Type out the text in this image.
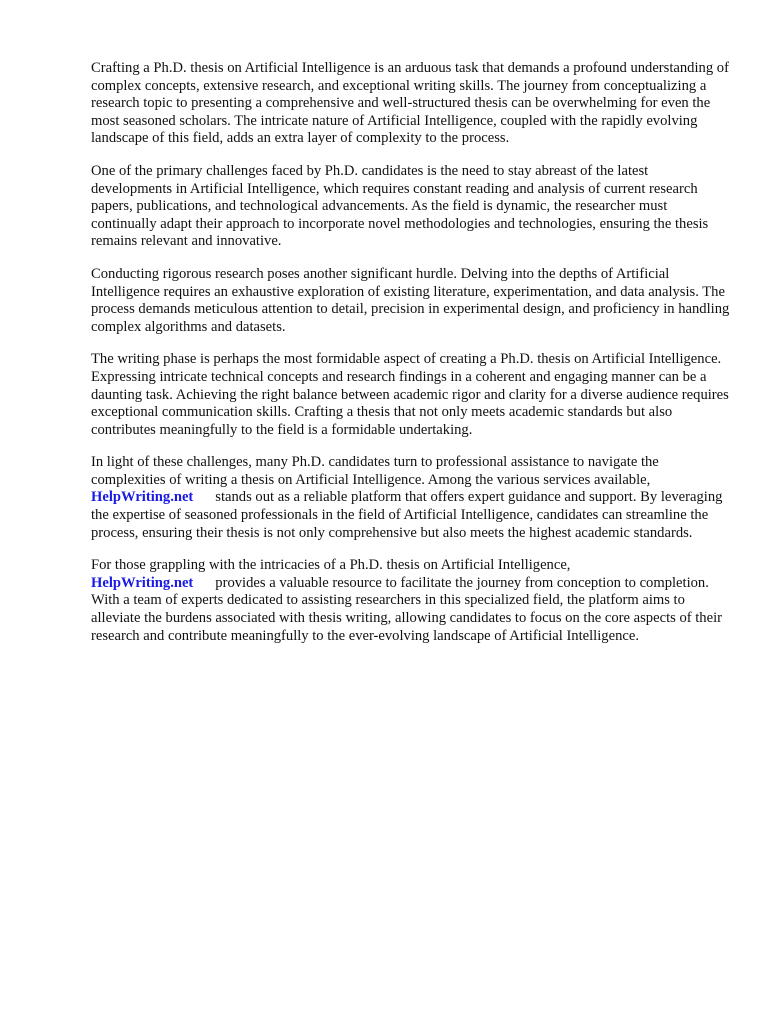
Crafting a Ph.D. thesis on Artificial Intelligence is an arduous task that demands a profound understanding of complex concepts, extensive research, and exceptional writing skills. The journey from conceptualizing a research topic to presenting a comprehensive and well-structured thesis can be overwhelming for even the most seasoned scholars. The intricate nature of Artificial Intelligence, coupled with the rapidly evolving landscape of this field, adds an extra layer of complexity to the process.

One of the primary challenges faced by Ph.D. candidates is the need to stay abreast of the latest developments in Artificial Intelligence, which requires constant reading and analysis of current research papers, publications, and technological advancements. As the field is dynamic, the researcher must continually adapt their approach to incorporate novel methodologies and technologies, ensuring the thesis remains relevant and innovative.

Conducting rigorous research poses another significant hurdle. Delving into the depths of Artificial Intelligence requires an exhaustive exploration of existing literature, experimentation, and data analysis. The process demands meticulous attention to detail, precision in experimental design, and proficiency in handling complex algorithms and datasets.

The writing phase is perhaps the most formidable aspect of creating a Ph.D. thesis on Artificial Intelligence. Expressing intricate technical concepts and research findings in a coherent and engaging manner can be a daunting task. Achieving the right balance between academic rigor and clarity for a diverse audience requires exceptional communication skills. Crafting a thesis that not only meets academic standards but also contributes meaningfully to the field is a formidable undertaking.

In light of these challenges, many Ph.D. candidates turn to professional assistance to navigate the complexities of writing a thesis on Artificial Intelligence. Among the various services available,
HelpWriting.net stands out as a reliable platform that offers expert guidance and support. By leveraging the expertise of seasoned professionals in the field of Artificial Intelligence, candidates can streamline the process, ensuring their thesis is not only comprehensive but also meets the highest academic standards.

For those grappling with the intricacies of a Ph.D. thesis on Artificial Intelligence,
HelpWriting.net provides a valuable resource to facilitate the journey from conception to completion. With a team of experts dedicated to assisting researchers in this specialized field, the platform aims to alleviate the burdens associated with thesis writing, allowing candidates to focus on the core aspects of their research and contribute meaningfully to the ever-evolving landscape of Artificial Intelligence.
